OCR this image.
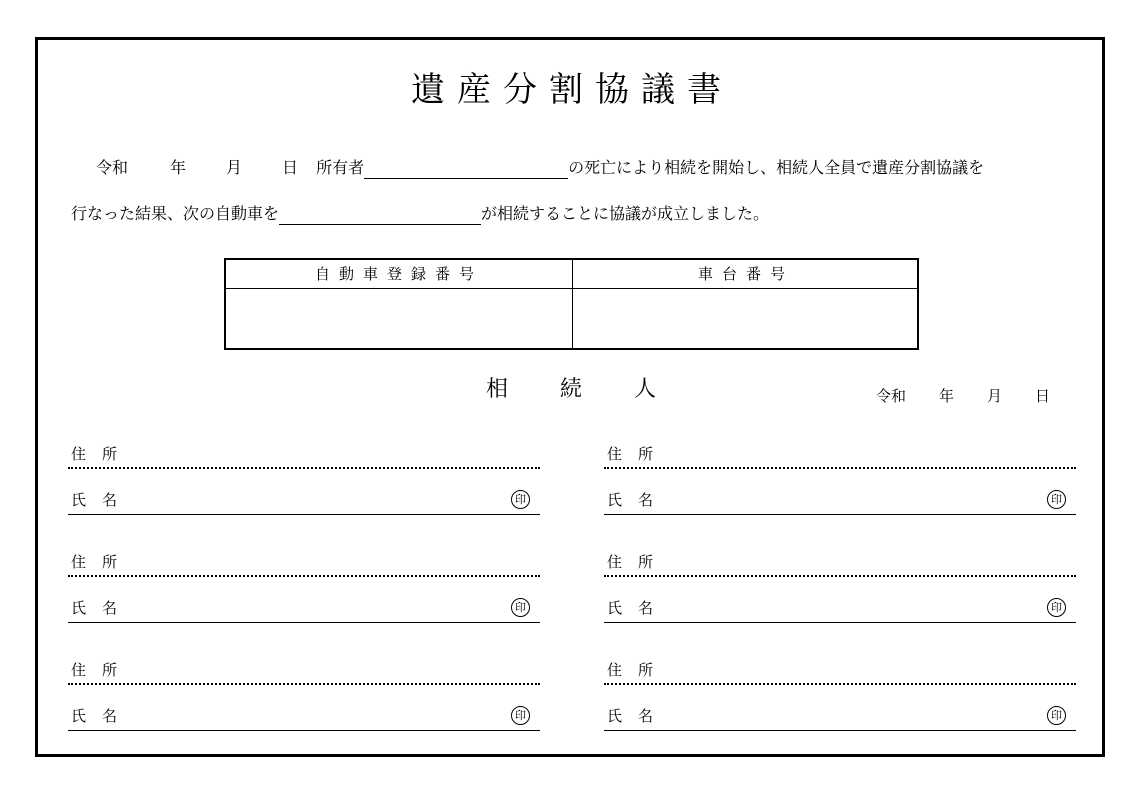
遺産分割協議書
令和	年	月	日 所有者	の死亡により相続を開始し、相続人全員で遺産分割協議を
行なった結果、次の自動車を	が相続することに協議が成立しました。
自動車登録番号	車台番号
相続人	令和 年 月 日
住所
氏名	印
住所
氏名	印
住所
氏名	印
住所
氏名	印
住所
氏名	印
住所
氏名	印
